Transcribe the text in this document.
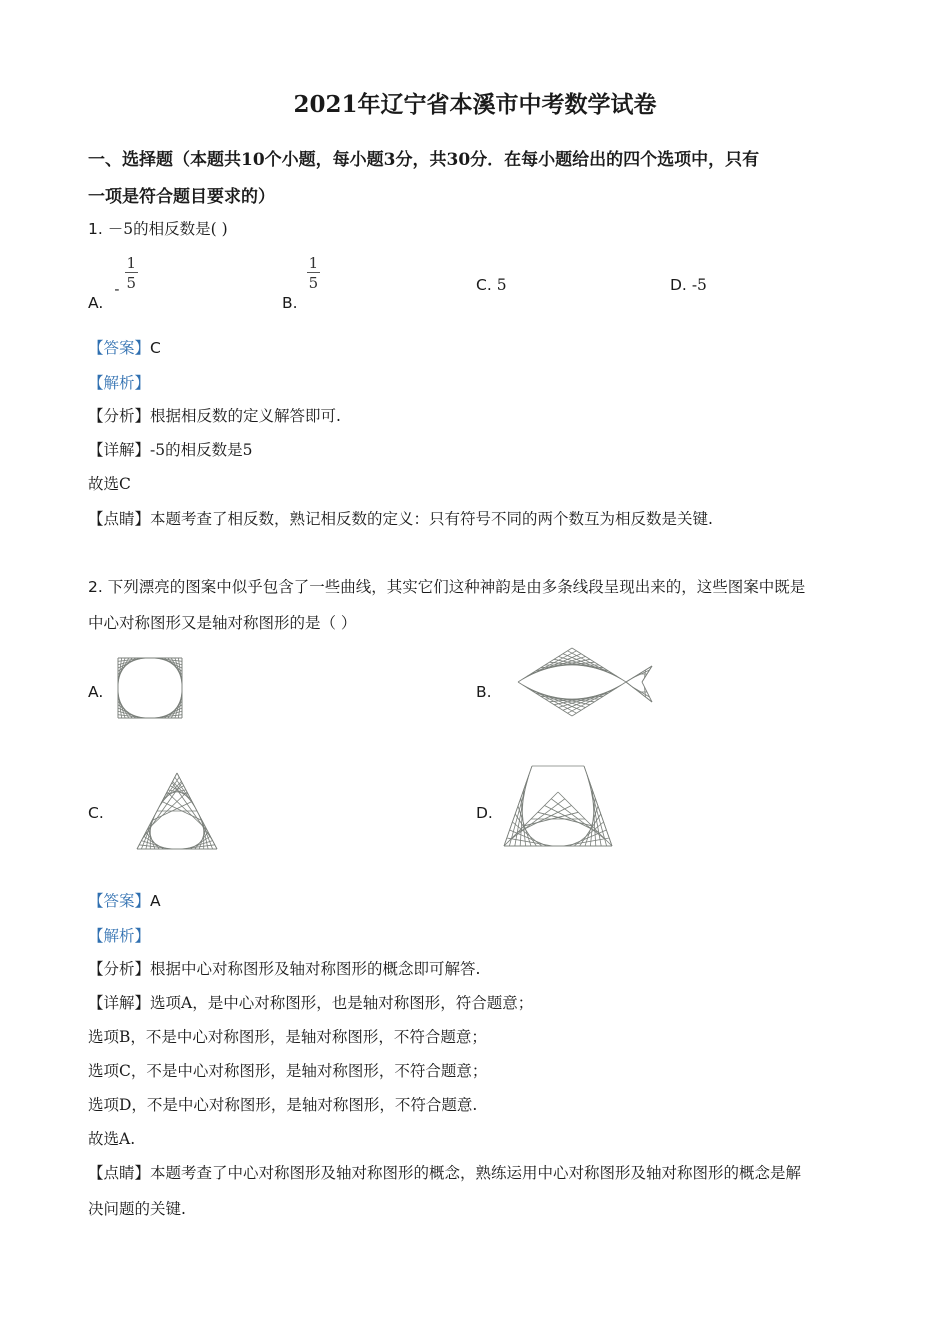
2021年辽宁省本溪市中考数学试卷
一、选择题（本题共10个小题，每小题3分，共30分．在每小题给出的四个选项中，只有
一项是符合题目要求的）
1. －5的相反数是( )
A. - $\frac{1}{5}$
B.
$\frac{1}{5}$	C. 5	D. -5
【答案】C
【解析】
【分析】根据相反数的定义解答即可.
【详解】-5的相反数是5
故选C
【点睛】本题考查了相反数，熟记相反数的定义：只有符号不同的两个数互为相反数是关键.
2. 下列漂亮的图案中似乎包含了一些曲线，其实它们这种神韵是由多条线段呈现出来的，这些图案中既是
中心对称图形又是轴对称图形的是（ ）
A.	B.
C.	D.
【答案】A
【解析】
【分析】根据中心对称图形及轴对称图形的概念即可解答.
【详解】选项A，是中心对称图形，也是轴对称图形，符合题意；
选项B，不是中心对称图形，是轴对称图形，不符合题意；
选项C，不是中心对称图形，是轴对称图形，不符合题意；
选项D，不是中心对称图形，是轴对称图形，不符合题意.
故选A.
【点睛】本题考查了中心对称图形及轴对称图形的概念，熟练运用中心对称图形及轴对称图形的概念是解
决问题的关键.
